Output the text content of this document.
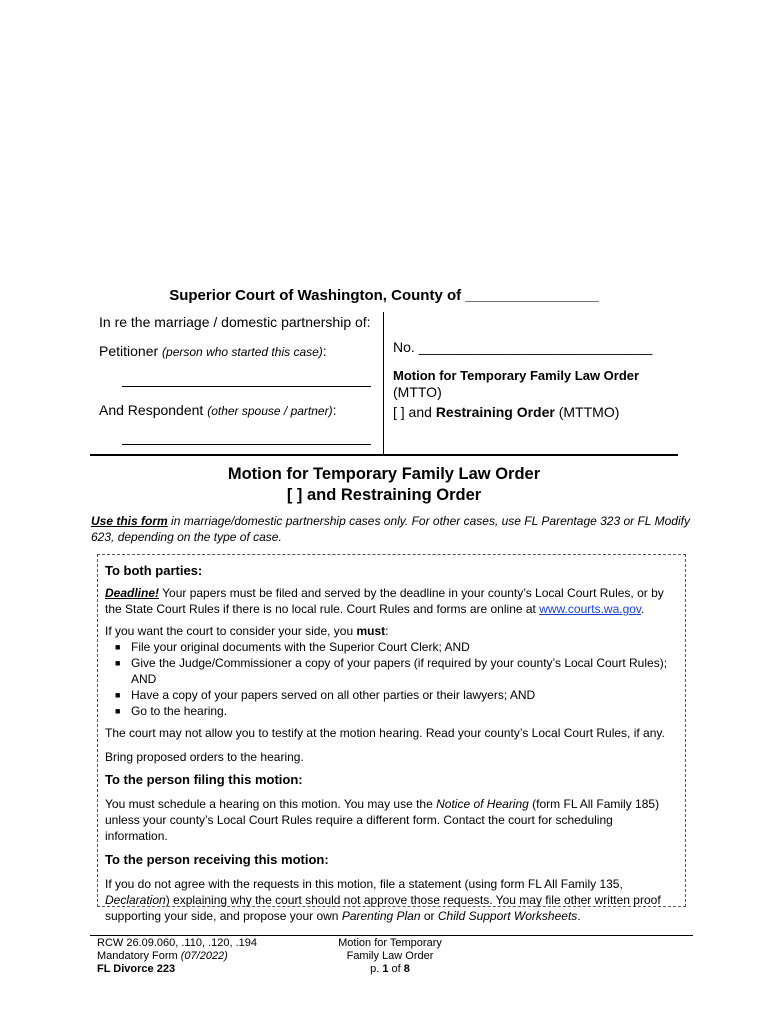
Superior Court of Washington, County of ________________
In re the marriage / domestic partnership of:
Petitioner (person who started this case):
And Respondent (other spouse / partner):
No. ______________________________
Motion for Temporary Family Law Order
(MTTO)
[ ] and Restraining Order (MTTMO)
Motion for Temporary Family Law Order
[ ] and Restraining Order
Use this form in marriage/domestic partnership cases only. For other cases, use FL Parentage 323 or FL Modify 623, depending on the type of case.

To both parties:

Deadline! Your papers must be filed and served by the deadline in your county’s Local Court Rules, or by the State Court Rules if there is no local rule. Court Rules and forms are online at www.courts.wa.gov.

If you want the court to consider your side, you must:

■ File your original documents with the Superior Court Clerk; AND
■ Give the Judge/Commissioner a copy of your papers (if required by your county’s Local Court Rules); AND
■ Have a copy of your papers served on all other parties or their lawyers; AND
■ Go to the hearing.

The court may not allow you to testify at the motion hearing. Read your county’s Local Court Rules, if any.

Bring proposed orders to the hearing.

To the person filing this motion:

You must schedule a hearing on this motion. You may use the Notice of Hearing (form FL All Family 185) unless your county’s Local Court Rules require a different form. Contact the court for scheduling information.

To the person receiving this motion:

If you do not agree with the requests in this motion, file a statement (using form FL All Family 135, Declaration) explaining why the court should not approve those requests. You may file other written proof supporting your side, and propose your own Parenting Plan or Child Support Worksheets.

RCW 26.09.060, .110, .120, .194
Mandatory Form (07/2022)
FL Divorce 223
Motion for Temporary
Family Law Order
p. 1 of 8
